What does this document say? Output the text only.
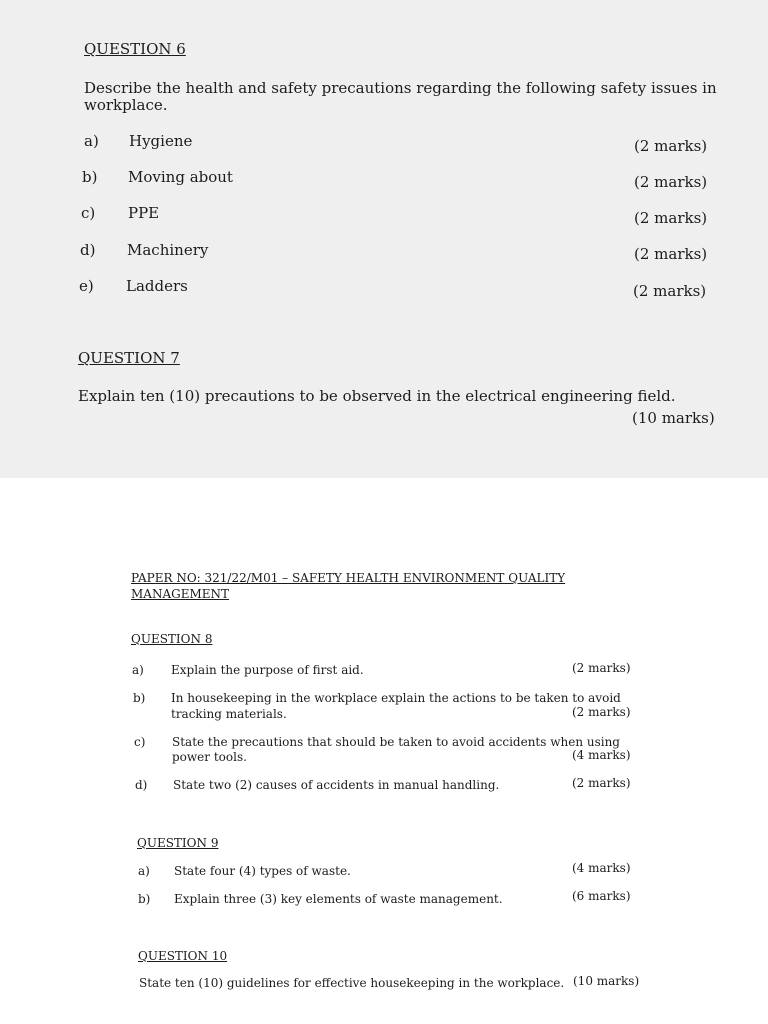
QUESTION 6
Describe the health and safety precautions regarding the following safety issues in
workplace.
a) Hygiene	(2 marks)
b) Moving about	(2 marks)
c) PPE	(2 marks)
d) Machinery	(2 marks)
e) Ladders	(2 marks)
QUESTION 7
Explain ten (10) precautions to be observed in the electrical engineering field.
(10 marks)
PAPER NO: 321/22/M01 – SAFETY HEALTH ENVIRONMENT QUALITY
MANAGEMENT
QUESTION 8
a) Explain the purpose of first aid.	(2 marks)
b) In housekeeping in the workplace explain the actions to be taken to avoid
tracking materials.	(2 marks)
c) State the precautions that should be taken to avoid accidents when using
power tools.	(4 marks)
d) State two (2) causes of accidents in manual handling.	(2 marks)
QUESTION 9
a) State four (4) types of waste.	(4 marks)
b) Explain three (3) key elements of waste management.	(6 marks)
QUESTION 10
State ten (10) guidelines for effective housekeeping in the workplace. (10 marks)
